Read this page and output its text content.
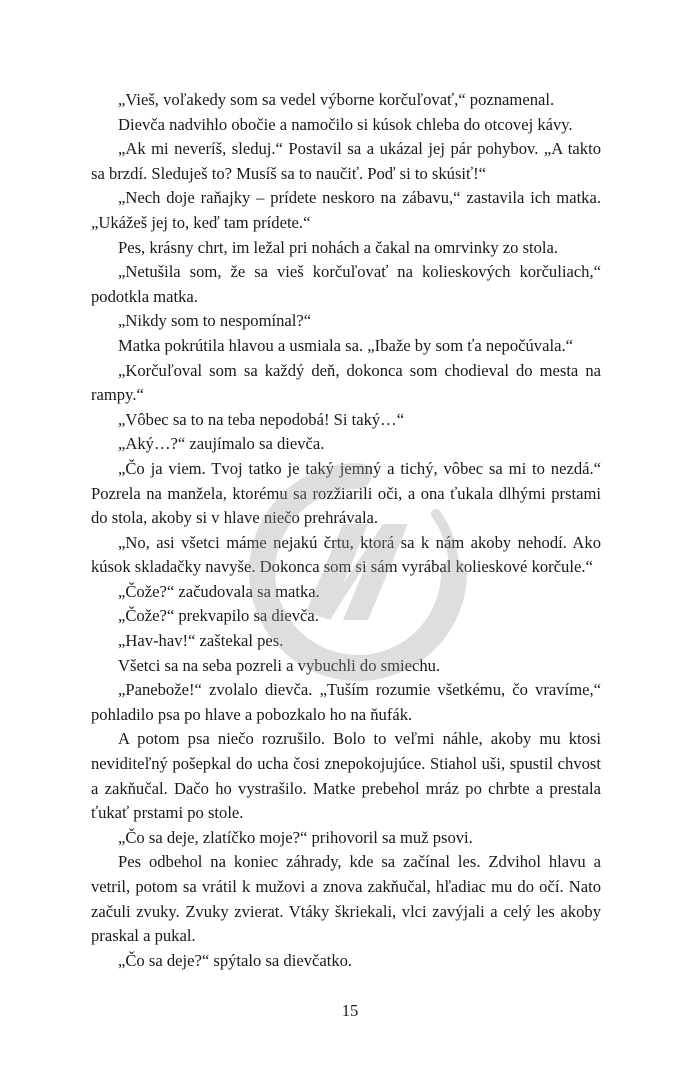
„Vieš, voľakedy som sa vedel výborne korčuľovať,“ poznamenal.

Dievča nadvihlo obočie a namočilo si kúsok chleba do otcovej kávy.

„Ak mi neveríš, sleduj.“ Postavil sa a ukázal jej pár pohybov. „A takto sa brzdí. Sleduješ to? Musíš sa to naučiť. Poď si to skúsiť!“

„Nech doje raňajky – prídete neskoro na zábavu,“ zastavila ich matka. „Ukážeš jej to, keď tam prídete.“

Pes, krásny chrt, im ležal pri nohách a čakal na omrvinky zo stola.

„Netušila som, že sa vieš korčuľovať na kolieskových korčuliach,“ podotkla matka.

„Nikdy som to nespomínal?“

Matka pokrútila hlavou a usmiala sa. „Ibaže by som ťa nepočúvala.“

„Korčuľoval som sa každý deň, dokonca som chodieval do mesta na rampy.“

„Vôbec sa to na teba nepodobá! Si taký…“

„Aký…?“ zaujímalo sa dievča.

„Čo ja viem. Tvoj tatko je taký jemný a tichý, vôbec sa mi to nezdá.“ Pozrela na manžela, ktorému sa rozžiarili oči, a ona ťukala dlhými prstami do stola, akoby si v hlave niečo prehrávala.

„No, asi všetci máme nejakú črtu, ktorá sa k nám akoby nehodí. Ako kúsok skladačky navyše. Dokonca som si sám vyrábal kolieskové korčule.“

„Čože?“ začudovala sa matka.

„Čože?“ prekvapilo sa dievča.

„Hav-hav!“ zaštekal pes.

Všetci sa na seba pozreli a vybuchli do smiechu.

„Panebože!“ zvolalo dievča. „Tuším rozumie všetkému, čo vravíme,“ pohladilo psa po hlave a pobozkalo ho na ňufák.

A potom psa niečo rozrušilo. Bolo to veľmi náhle, akoby mu ktosi neviditeľný pošepkal do ucha čosi znepokojujúce. Stiahol uši, spustil chvost a zakňučal. Dačo ho vystrašilo. Matke prebehol mráz po chrbte a prestala ťukať prstami po stole.

„Čo sa deje, zlatíčko moje?“ prihovoril sa muž psovi.

Pes odbehol na koniec záhrady, kde sa začínal les. Zdvihol hlavu a vetril, potom sa vrátil k mužovi a znova zakňučal, hľadiac mu do očí. Nato začuli zvuky. Zvuky zvierat. Vtáky škriekali, vlci zavýjali a celý les akoby praskal a pukal.

„Čo sa deje?“ spýtalo sa dievčatko.

15
